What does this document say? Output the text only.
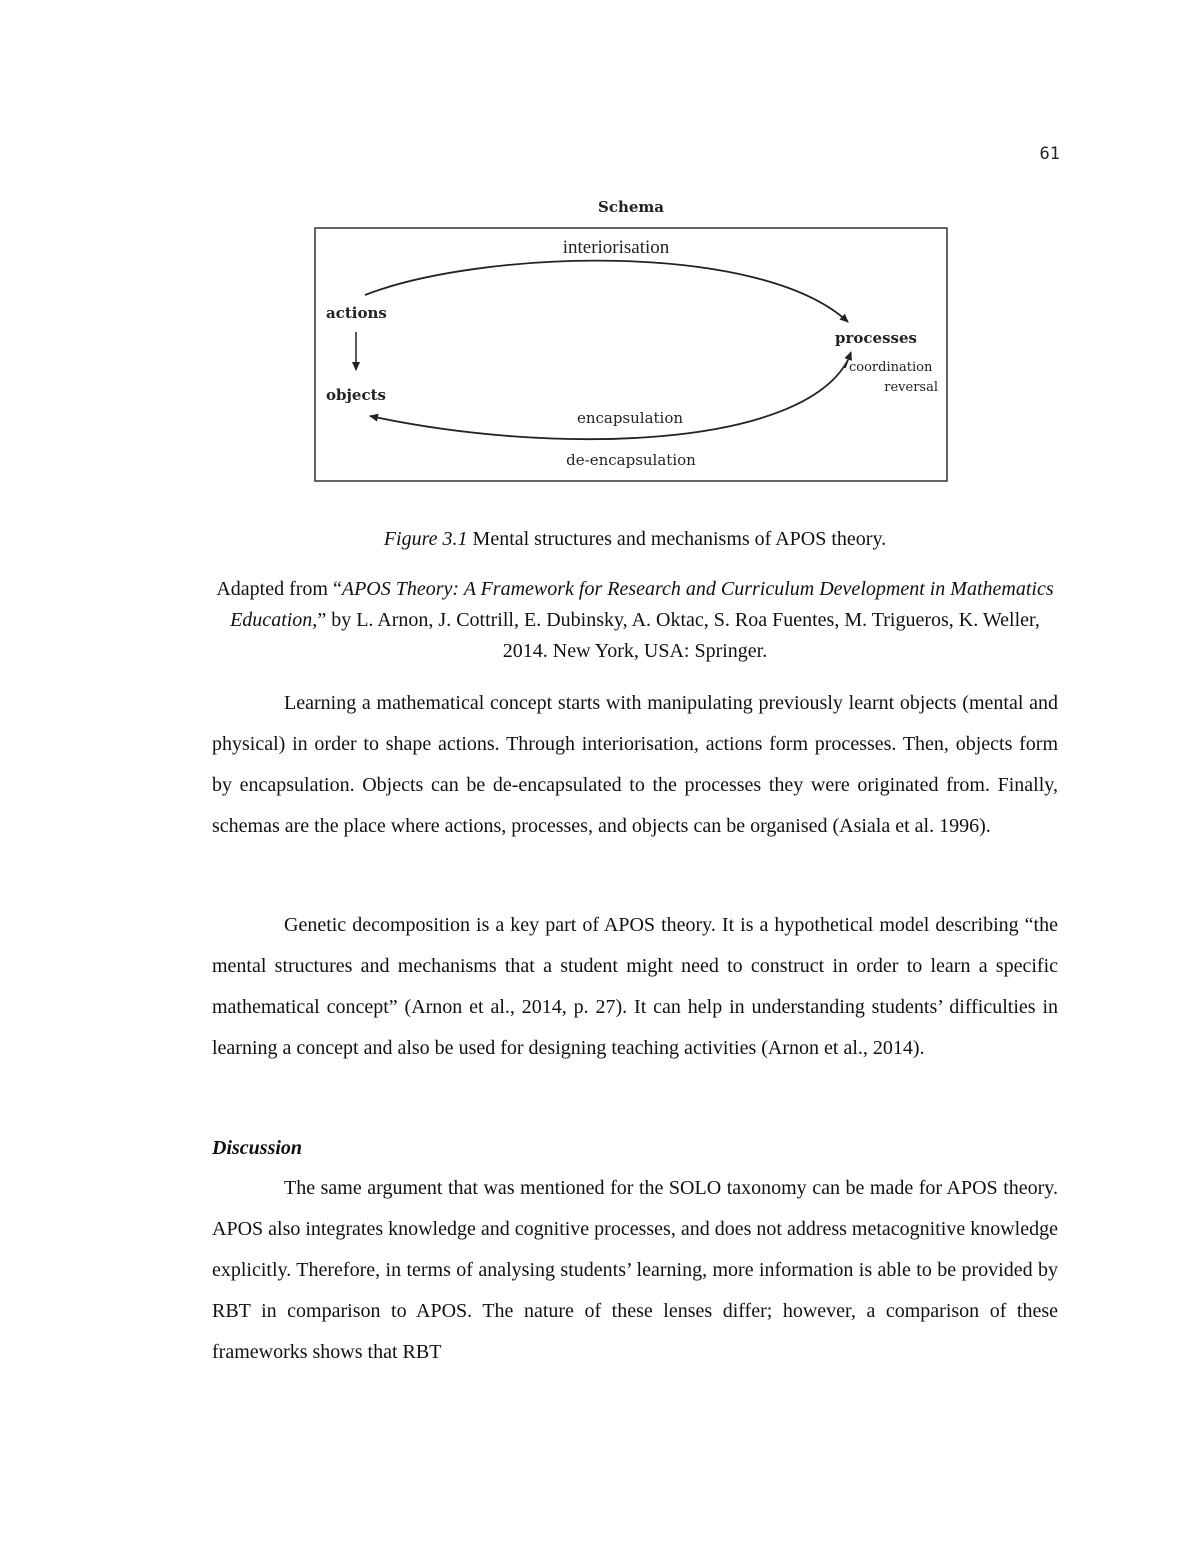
61
Schema
interiorisation
actions
processes
coordination
reversal
objects
encapsulation
de-encapsulation
Figure 3.1 Mental structures and mechanisms of APOS theory.
Adapted from “APOS Theory: A Framework for Research and Curriculum Development in Mathematics Education,” by L. Arnon, J. Cottrill, E. Dubinsky, A. Oktac, S. Roa Fuentes, M. Trigueros, K. Weller, 2014. New York, USA: Springer.

Learning a mathematical concept starts with manipulating previously learnt objects (mental and physical) in order to shape actions. Through interiorisation, actions form processes. Then, objects form by encapsulation. Objects can be de-encapsulated to the processes they were originated from. Finally, schemas are the place where actions, processes, and objects can be organised (Asiala et al. 1996).

Genetic decomposition is a key part of APOS theory. It is a hypothetical model describing “the mental structures and mechanisms that a student might need to construct in order to learn a specific mathematical concept” (Arnon et al., 2014, p. 27). It can help in understanding students’ difficulties in learning a concept and also be used for designing teaching activities (Arnon et al., 2014).

Discussion

The same argument that was mentioned for the SOLO taxonomy can be made for APOS theory. APOS also integrates knowledge and cognitive processes, and does not address metacognitive knowledge explicitly. Therefore, in terms of analysing students’ learning, more information is able to be provided by RBT in comparison to APOS. The nature of these lenses differ; however, a comparison of these frameworks shows that RBT
